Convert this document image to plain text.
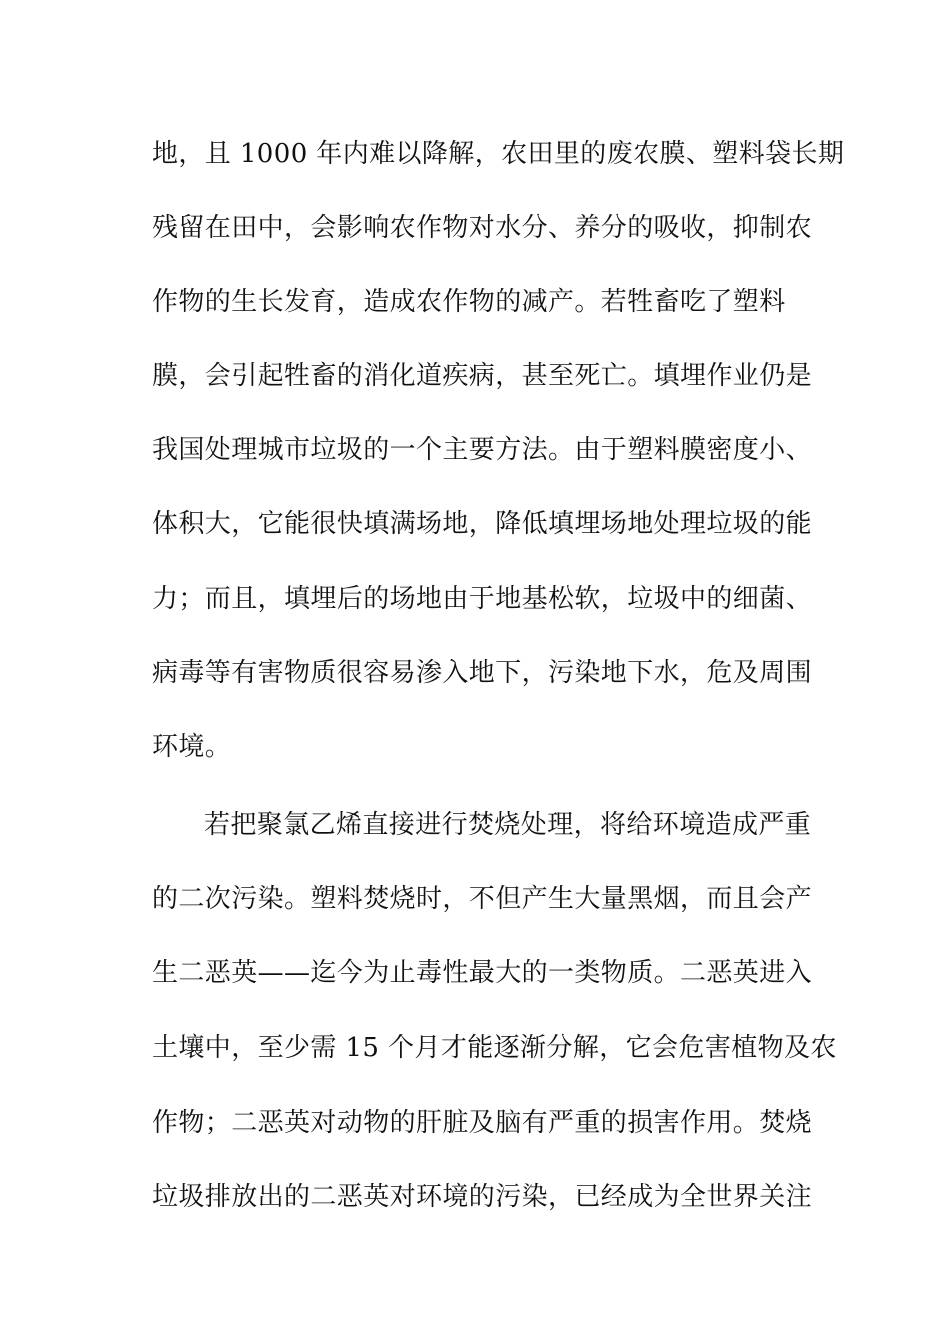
地，且 1000 年内难以降解，农田里的废农膜、塑料袋长期
残留在田中，会影响农作物对水分、养分的吸收，抑制农
作物的生长发育，造成农作物的减产。若牲畜吃了塑料
膜，会引起牲畜的消化道疾病，甚至死亡。填埋作业仍是
我国处理城市垃圾的一个主要方法。由于塑料膜密度小、
体积大，它能很快填满场地，降低填埋场地处理垃圾的能
力；而且，填埋后的场地由于地基松软，垃圾中的细菌、
病毒等有害物质很容易渗入地下，污染地下水，危及周围
环境。
若把聚氯乙烯直接进行焚烧处理，将给环境造成严重
的二次污染。塑料焚烧时，不但产生大量黑烟，而且会产
生二恶英——迄今为止毒性最大的一类物质。二恶英进入
土壤中，至少需 15 个月才能逐渐分解，它会危害植物及农
作物；二恶英对动物的肝脏及脑有严重的损害作用。焚烧
垃圾排放出的二恶英对环境的污染，已经成为全世界关注
